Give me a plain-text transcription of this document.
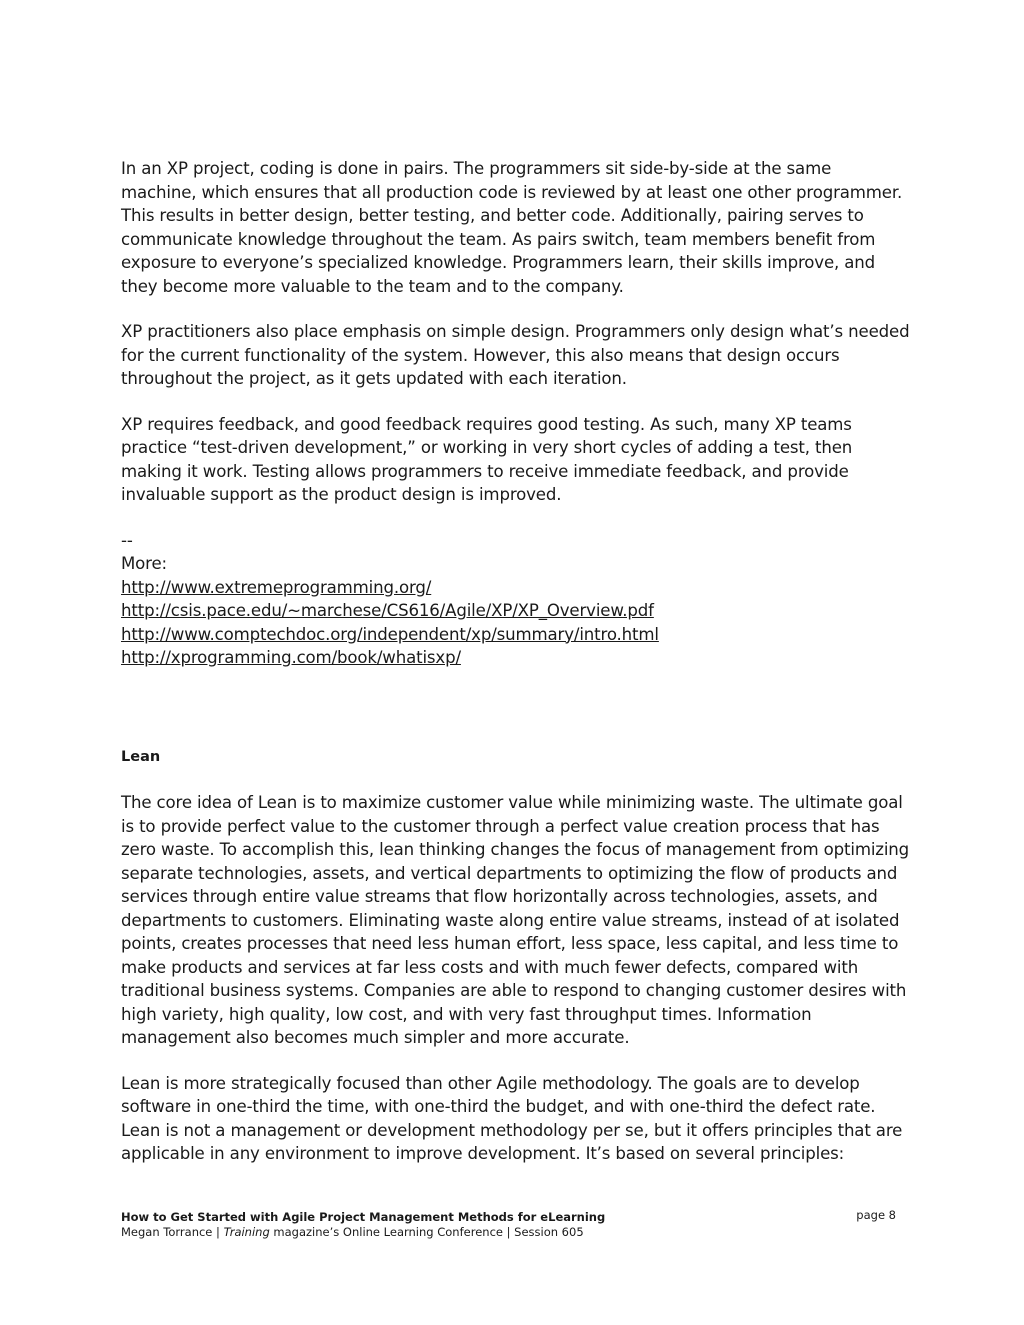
In an XP project, coding is done in pairs. The programmers sit side-by-side at the same machine, which ensures that all production code is reviewed by at least one other programmer. This results in better design, better testing, and better code. Additionally, pairing serves to communicate knowledge throughout the team. As pairs switch, team members benefit from exposure to everyone’s specialized knowledge. Programmers learn, their skills improve, and they become more valuable to the team and to the company.

XP practitioners also place emphasis on simple design. Programmers only design what’s needed for the current functionality of the system. However, this also means that design occurs throughout the project, as it gets updated with each iteration.

XP requires feedback, and good feedback requires good testing. As such, many XP teams practice “test-driven development,” or working in very short cycles of adding a test, then making it work. Testing allows programmers to receive immediate feedback, and provide invaluable support as the product design is improved.

--
More:
http://www.extremeprogramming.org/
http://csis.pace.edu/~marchese/CS616/Agile/XP/XP_Overview.pdf
http://www.comptechdoc.org/independent/xp/summary/intro.html
http://xprogramming.com/book/whatisxp/
Lean

The core idea of Lean is to maximize customer value while minimizing waste. The ultimate goal is to provide perfect value to the customer through a perfect value creation process that has zero waste. To accomplish this, lean thinking changes the focus of management from optimizing separate technologies, assets, and vertical departments to optimizing the flow of products and services through entire value streams that flow horizontally across technologies, assets, and departments to customers. Eliminating waste along entire value streams, instead of at isolated points, creates processes that need less human effort, less space, less capital, and less time to make products and services at far less costs and with much fewer defects, compared with traditional business systems. Companies are able to respond to changing customer desires with high variety, high quality, low cost, and with very fast throughput times. Information management also becomes much simpler and more accurate.

Lean is more strategically focused than other Agile methodology. The goals are to develop software in one-third the time, with one-third the budget, and with one-third the defect rate. Lean is not a management or development methodology per se, but it offers principles that are applicable in any environment to improve development. It’s based on several principles:

How to Get Started with Agile Project Management Methods for eLearning
Megan Torrance | Training magazine’s Online Learning Conference | Session 605
page 8
